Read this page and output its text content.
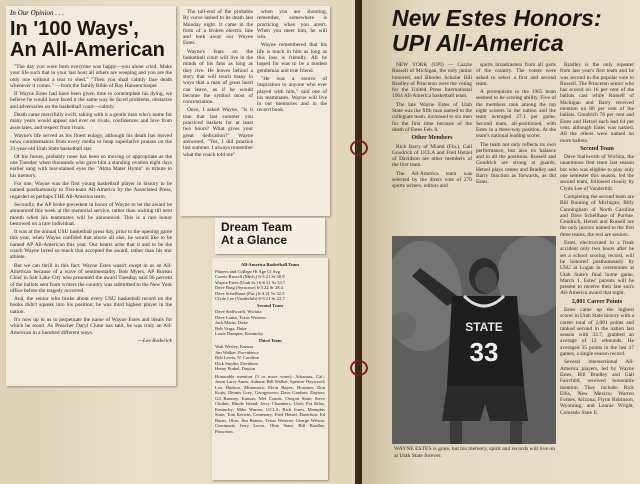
In Our Opinion . . .
In '100 Ways',
An All-American

"The day you were born everyone was happy—you alone cried. Make your life such that in your last hour all others are weeping and you are the only one without a tear to shed." "Then you shall calmly face death whenever it comes." —from the family Bible of Ray Hansenclooper

If Wayne Estes had have been given time to contemplate his dying, we believe he would have faced it the same way he faced problems, obstacles and adversaries on the basketball court—calmly.

Death came mercifully swift, taking with it a gentle man who's name for many years would appear and ever on rivals, confidences and love from associates, and respect from rivals.

Wayne's life served as his finest eulogy, although his death has moved news commentators from every media to heap superlative praises on the 21-year-old Utah State basketball star.

Of his future, probably none has been so moving or appropriate as the one Tuesday when thousands who gave him a standing ovation eight days earlier sang with tear-stained eyes the "Alma Mater Hymn" in tribute to his memory.

For one, Wayne was the first young basketball player in history to be named posthumously to first-team All-America by the Associated Press, regarded as perhaps THE All-America team.

Secondly, the AP broke precedent in honor of Wayne to let the award be announced this week at the memorial service, rather than waiting till next month when his teammates will be announced. This is a rare honor bestowed on a rare individual.

It was at the annual USU basketball press day, prior to the opening game this year, when Wayne confided that above all else, he would like to be named AP All-American this year. Our hearts ache that it and to be the coach Wayne loved so much that accepted the award, rather than his star athlete.

But we can thrill in this fact: Wayne Estes wasn't swept in as an All-American because of a wave of sentimentality. Bob Myers, AP Bureau Chief in Salt Lake City who presented the award Tuesday, said 96 percent of the ballots sent from writers the country was submitted to the New York office before the tragedy occurred.

And, the senior who broke about every USU basketball record on the books didn't squeak into his position; he was third highest player in the nation.

It's now up to us to perpetuate the name of Wayne Estes and ideals for which he stood. As Preacher Daryl Chase has said, he was truly an All-American in a hundred different ways.

—Lee Roderick

The tall-end of the probable Ry curve lashed to its death last Monday night. It came in the form of a broken electric line and took away our Wayne Estes.

Wayne's feats on the basketball court will live in the minds of his fans as long as they live. He leaves behind a story that will touch many in ways that a man of great heart can leave, as if he would become the symbol most of concentration.

Once, I asked Wayne, "Is it true that last summer you practiced baskets for at least two hours? What gives your great dedication?" Wayne answered, "Yes, I did practice last summer. I always remember what the coach told me"

when you are shooting, remember, somewhere is practicing when you aren't. When you meet him, he will win.

Wayne remembered that his life is much in him as long as this loss is friendly. All he hoped for was to be a modest gentleman and true friend.

"He was a source of inspiration to anyone who ever played with him," said one of his teammates. Wayne will live in our memories and in the record book.

Dream Team
At a Glance
All-America Basketball Team
Players and College Ht Age Cl Avg
Cazzie Russell (Mich.) 6-5 21 Sr 30.8
Wayne Estes (Utah St.) 6-6 21 Sr 33.7
Dave Bing (Syracuse) 6-3 22 Sr 28.4
Dave Schellhase (Pur.) 6-4 21 Sr 32.5
Clyde Lee (Vanderbilt) 6-9 21 Sr 22.7
Second Team
Dave Stallworth, Wichita
Dave Lattin, Texas Western
Jack Marin, Duke
Bob Verga, Duke
Louie Dampier, Kentucky
Third Team
Walt Wesley, Kansas
Jim Walker, Providence
Bob Lewis, N. Carolina
Dick Snyder, Davidson
Henry Finkel, Dayton
Honorable mention (3 or more votes): Arkansas, Cal.; Jason Larry Ames, Auburn; Bill Walker, Spencer Haywood; Lou Hudson, Minnesota; Elvin Hayes, Houston; Don Kojis; Dennis Grey, Georgetown; Dave Gardner, Dayton; Gil Ramsey, Kansas; Mel Counts, Oregon State; Steve Chubin, Rhode Island; Jerry Chambers, Utah; Pat Riley, Kentucky; Mike Warren, UCLA; Rich Jones, Memphis State; Tom Kerwin, Centenary; Fred Hetzel, Davidson; Ed Burns, Ohio; Jim Barnes, Texas Western; George Wilson, Cincinnati; Jerry Lucas, Ohio State; Bill Bradley, Princeton.
New Estes Honors:
UPI All-America

NEW YORK (UPI) — Cazzie Russell of Michigan, the only junior honored, and Rhodes Scholar Bill Bradley of Princeton were the voting for the United Press International 1964 All-America basketball team.

The late Wayne Estes of Utah State was the fifth man named to the collegiate team, increased to six men for the first time because of the death of Estes Feb. 8.

Other Members

Rick Barry of Miami (Fla.), Gail Goodrich of UCLA and Fred Hetzel of Davidson are other members of the first team.

The All-America team was selected by the direct vote of 276 sports writers, editors and

sports broadcasters from all parts of the country. The voters were asked to select a first and second team.

A prerequisite to the 1965 team seemed to be scoring ability. Five of the members rank among the top eight scorers in the nation and the team averaged 27.1 per game. Second team, all-positioned, with Estes in a three-way position. At the team's national leading scorer.

The team not only reflects its own performance, but also its balance and in all the positions. Russell and Goodrich are strong at guards, Hetzel plays center and Bradley and Barry function as forwards, as did Estes.

Bradley is the only repeater from last year's first team and he was second in the popular vote to Russell. The Princeton senior who has scored on 16 per cent of the ballots cast while Russell of Michigan and Barry received mention on 86 per cent of the ballots. Goodrich 76 per cent and Estes and Hetzel each had 64 per cent, although Estes was named. All the others were named on more ballots.

Second Team

Dave Stallworth of Wichita, the unanimous first team last season but who was eligible to play only one semester this season, led the second team, followed closely by Clyde Lee of Vanderbilt.

Completing the second team are Bill Bunting of Michigan, Billy Cunningham of North Carolina and Dave Schellhase of Purdue. Goodrich, Hetzel and Russell are the only juniors named to the first three teams, the rest are seniors.

Estes, electrocuted in a freak accident only two hours after he set a school scoring record, will be honored posthumously by USU at Logan in ceremonies at Utah State's final home game, March 1. Estes' parents will be present to receive their late son's All-America award that night.

2,001 Career Points

Estes came up the highest scorer in Utah State history with a career total of 2,001 points and ranked second in the nation last season with 33.7, grabbed an average of 12 rebounds. He averaged 35 points in the last 17 games, a single season record.

Several intersectional All-America players, led by Wayne Estes, Bill Bradley and Gail Fairchild, received honorable mention. They include: Rick Ellis, New Mexico; Warren Forbes, Arizona; Flynn Robinson, Wyoming; and Lonnie Wright, Colorado State U.

STATE
33
WAYNE ESTES is gone, but his memory, spirit and records will live on at Utah State forever.
